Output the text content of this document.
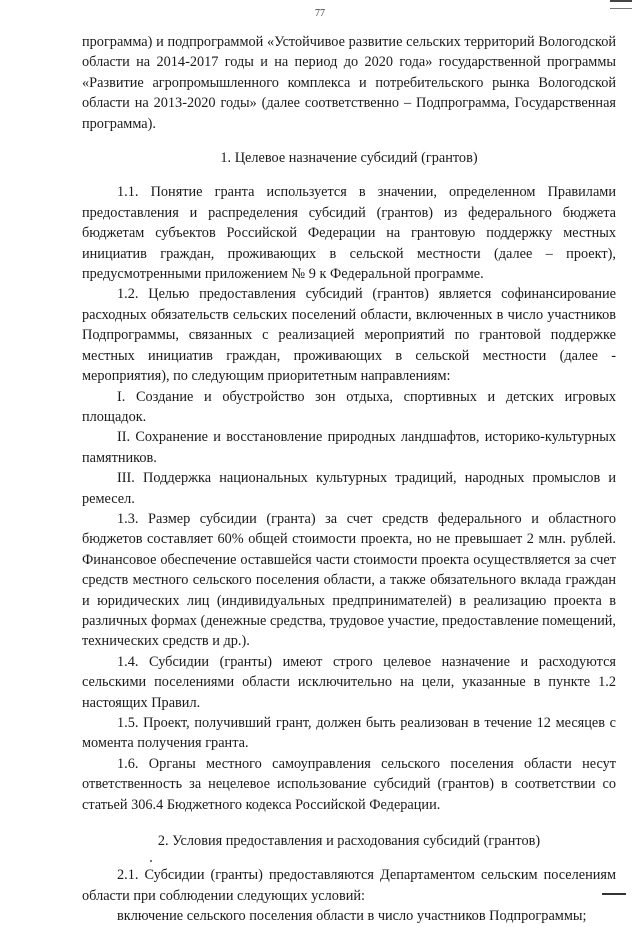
77

программа) и подпрограммой «Устойчивое развитие сельских территорий Вологодской области на 2014-2017 годы и на период до 2020 года» государственной программы «Развитие агропромышленного комплекса и потребительского рынка Вологодской области на 2013-2020 годы» (далее соответственно – Подпрограмма, Государственная программа).

1. Целевое назначение субсидий (грантов)

1.1. Понятие гранта используется в значении, определенном Правилами предоставления и распределения субсидий (грантов) из федерального бюджета бюджетам субъектов Российской Федерации на грантовую поддержку местных инициатив граждан, проживающих в сельской местности (далее – проект), предусмотренными приложением № 9 к Федеральной программе.

1.2. Целью предоставления субсидий (грантов) является софинансирование расходных обязательств сельских поселений области, включенных в число участников Подпрограммы, связанных с реализацией мероприятий по грантовой поддержке местных инициатив граждан, проживающих в сельской местности (далее - мероприятия), по следующим приоритетным направлениям:

I. Создание и обустройство зон отдыха, спортивных и детских игровых площадок.

II. Сохранение и восстановление природных ландшафтов, историко-культурных памятников.

III. Поддержка национальных культурных традиций, народных промыслов и ремесел.

1.3. Размер субсидии (гранта) за счет средств федерального и областного бюджетов составляет 60% общей стоимости проекта, но не превышает 2 млн. рублей. Финансовое обеспечение оставшейся части стоимости проекта осуществляется за счет средств местного сельского поселения области, а также обязательного вклада граждан и юридических лиц (индивидуальных предпринимателей) в реализацию проекта в различных формах (денежные средства, трудовое участие, предоставление помещений, технических средств и др.).

1.4. Субсидии (гранты) имеют строго целевое назначение и расходуются сельскими поселениями области исключительно на цели, указанные в пункте 1.2 настоящих Правил.

1.5. Проект, получивший грант, должен быть реализован в течение 12 месяцев с момента получения гранта.

1.6. Органы местного самоуправления сельского поселения области несут ответственность за нецелевое использование субсидий (грантов) в соответствии со статьей 306.4 Бюджетного кодекса Российской Федерации.

2. Условия предоставления и расходования субсидий (грантов)

2.1. Субсидии (гранты) предоставляются Департаментом сельским поселениям области при соблюдении следующих условий:

включение сельского поселения области в число участников Подпрограммы;
